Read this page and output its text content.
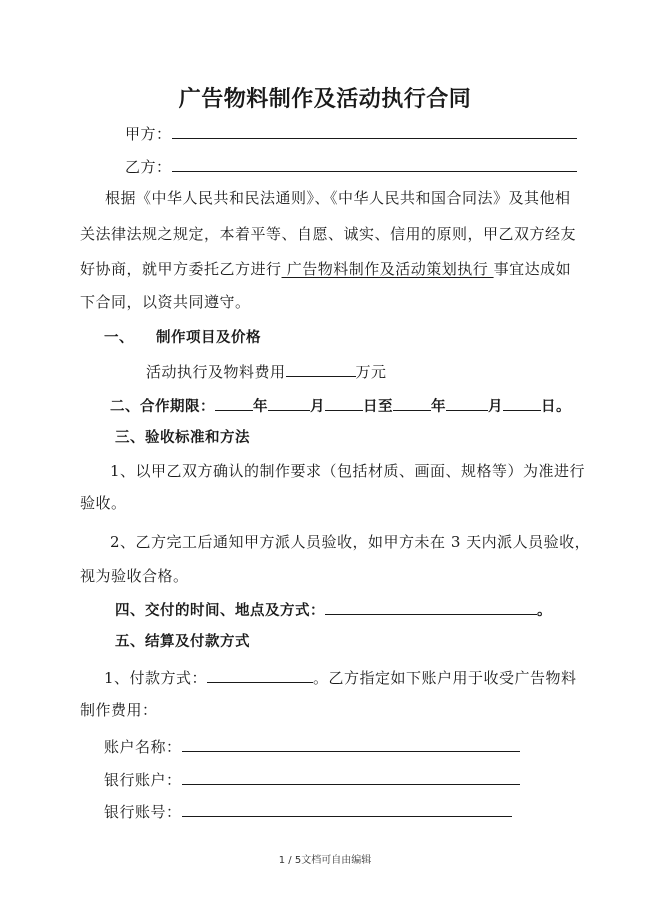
广告物料制作及活动执行合同
甲方：
乙方：
根据《中华人民共和民法通则》、《中华人民共和国合同法》及其他相
关法律法规之规定，本着平等、自愿、诚实、信用的原则，甲乙双方经友
好协商，就甲方委托乙方进行 广告物料制作及活动策划执行 事宜达成如
下合同，以资共同遵守。
一、 制作项目及价格
活动执行及物料费用	万元
二、合作期限：	年	月	日至	年	月	日。
三、验收标准和方法
1、以甲乙双方确认的制作要求（包括材质、画面、规格等）为准进行
验收。
2、乙方完工后通知甲方派人员验收，如甲方未在 3 天内派人员验收，
视为验收合格。
四、交付的时间、地点及方式：	。
五、结算及付款方式
1、付款方式：	。乙方指定如下账户用于收受广告物料
制作费用：
账户名称：
银行账户：
银行账号：
1 / 5文档可自由编辑
